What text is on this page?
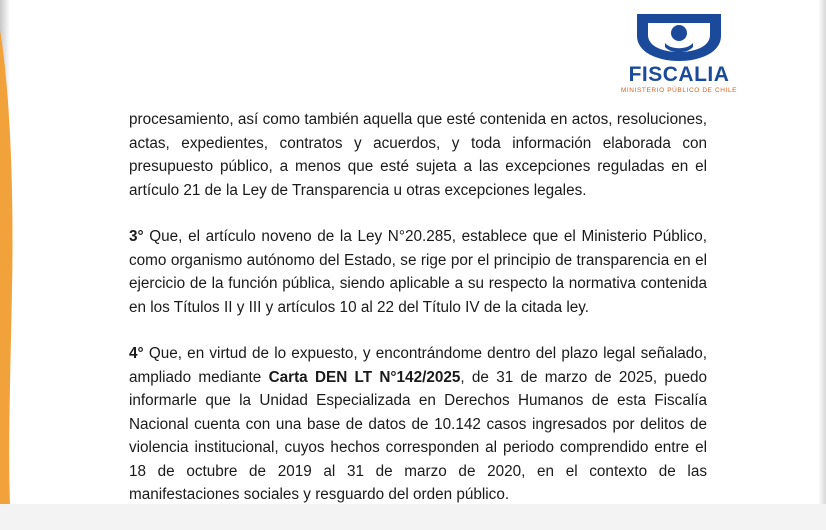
FISCALIA
MINISTERIO PÚBLICO DE CHILE

procesamiento, así como también aquella que esté contenida en actos, resoluciones, actas, expedientes, contratos y acuerdos, y toda información elaborada con presupuesto público, a menos que esté sujeta a las excepciones reguladas en el artículo 21 de la Ley de Transparencia u otras excepciones legales.

3° Que, el artículo noveno de la Ley N°20.285, establece que el Ministerio Público, como organismo autónomo del Estado, se rige por el principio de transparencia en el ejercicio de la función pública, siendo aplicable a su respecto la normativa contenida en los Títulos II y III y artículos 10 al 22 del Título IV de la citada ley.

4° Que, en virtud de lo expuesto, y encontrándome dentro del plazo legal señalado, ampliado mediante Carta DEN LT N°142/2025, de 31 de marzo de 2025, puedo informarle que la Unidad Especializada en Derechos Humanos de esta Fiscalía Nacional cuenta con una base de datos de 10.142 casos ingresados por delitos de violencia institucional, cuyos hechos corresponden al periodo comprendido entre el 18 de octubre de 2019 al 31 de marzo de 2020, en el contexto de las manifestaciones sociales y resguardo del orden público.
